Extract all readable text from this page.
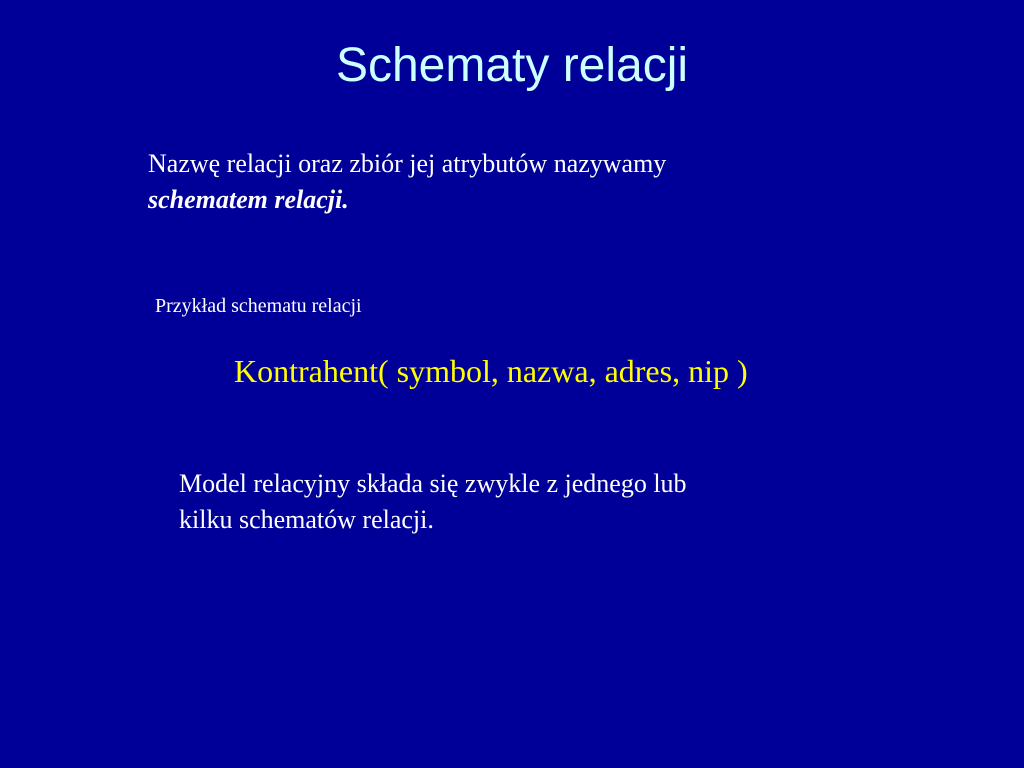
Schematy relacji
Nazwę relacji oraz zbiór jej atrybutów nazywamy
schematem relacji.
Przykład schematu relacji
Kontrahent( symbol, nazwa, adres, nip )
Model relacyjny składa się zwykle z jednego lub
kilku schematów relacji.
